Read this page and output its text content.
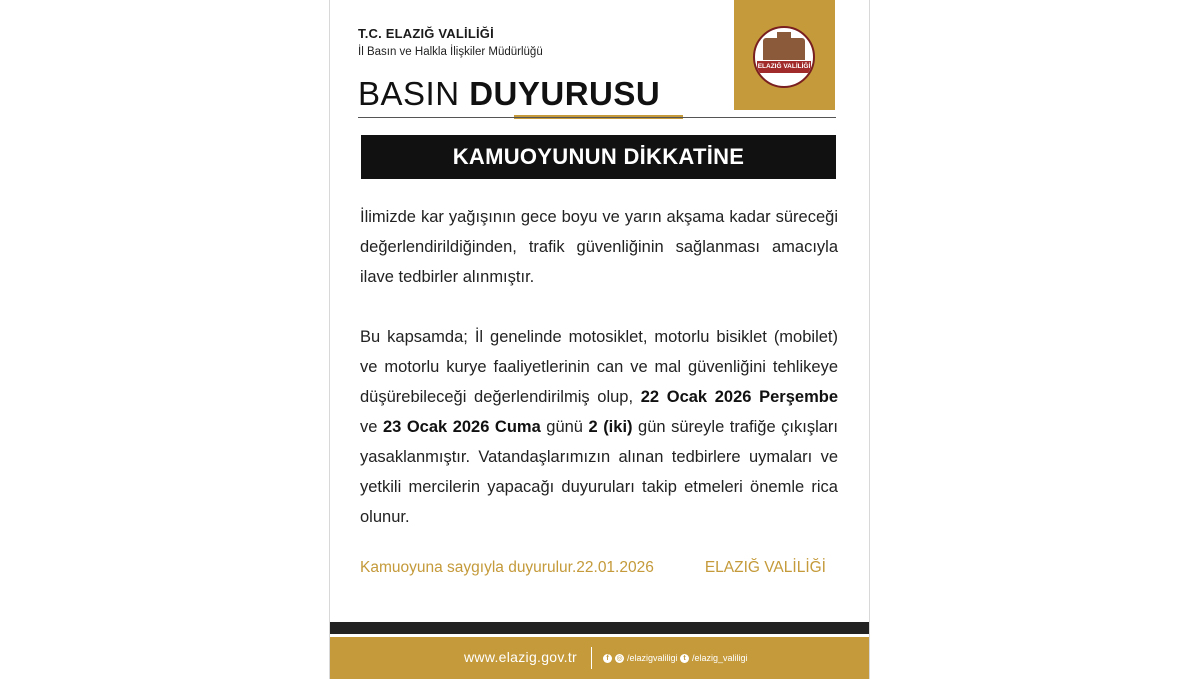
T.C. ELAZIĞ VALİLİĞİ
İl Basın ve Halkla İlişkiler Müdürlüğü
BASIN DUYURUSU
ELAZIĞ VALİLİĞİ
KAMUOYUNUN DİKKATİNE

İlimizde kar yağışının gece boyu ve yarın akşama kadar süreceği değerlendirildiğinden, trafik güvenliğinin sağlanması amacıyla ilave tedbirler alınmıştır.

Bu kapsamda; İl genelinde motosiklet, motorlu bisiklet (mobilet) ve motorlu kurye faaliyetlerinin can ve mal güvenliğini tehlikeye düşürebileceği değerlendirilmiş olup, 22 Ocak 2026 Perşembe ve 23 Ocak 2026 Cuma günü 2 (iki) gün süreyle trafiğe çıkışları yasaklanmıştır. Vatandaşlarımızın alınan tedbirlere uymaları ve yetkili mercilerin yapacağı duyuruları takip etmeleri önemle rica olunur.

Kamuoyuna saygıyla duyurulur.22.01.2026	ELAZIĞ VALİLİĞİ
www.elazig.gov.tr	f	◎ /elazigvaliligi t /elazig_valiligi
